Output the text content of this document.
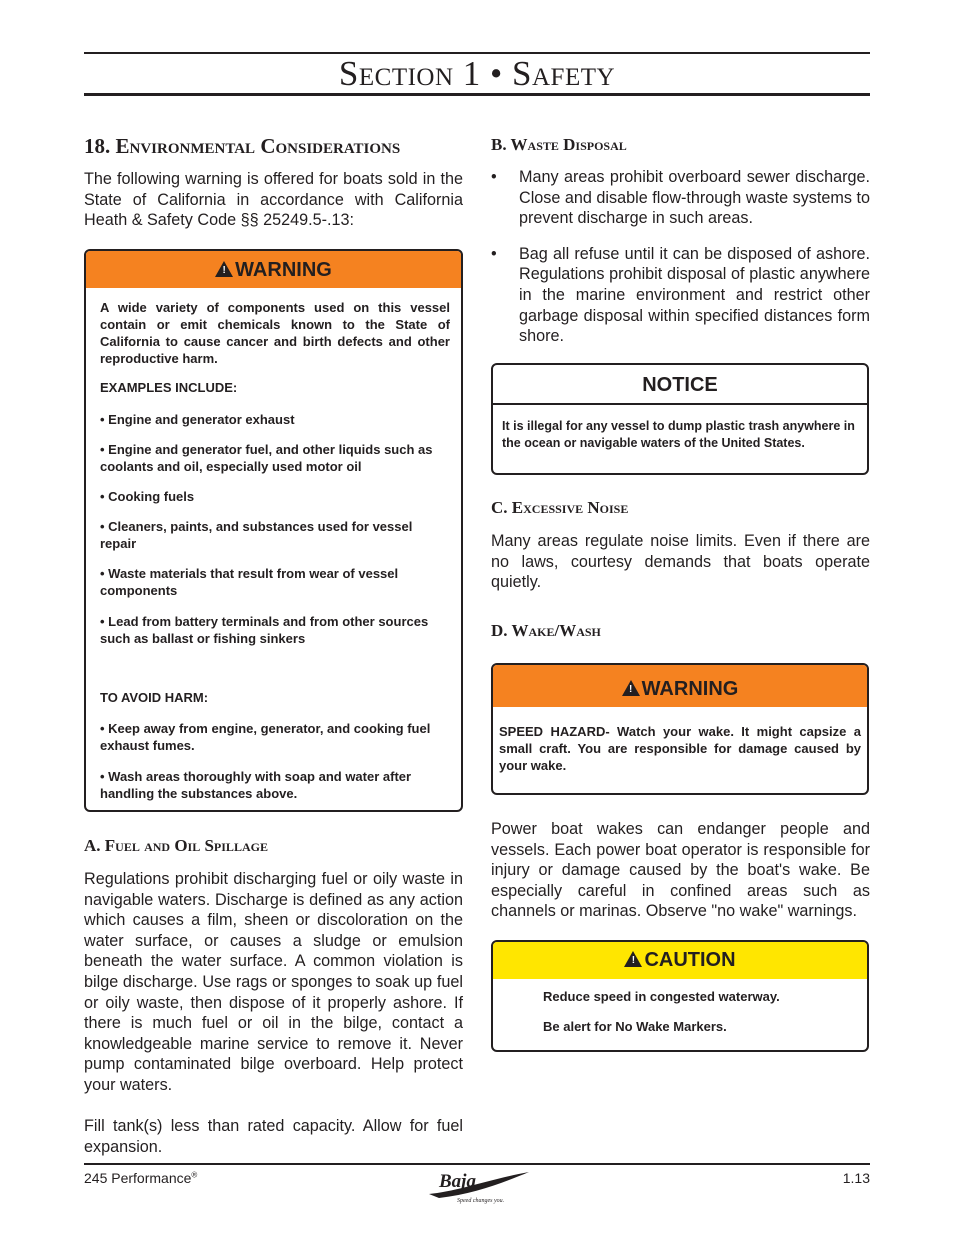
Section 1 • Safety
18. Environmental Considerations

The following warning is offered for boats sold in the State of California in accordance with California Heath & Safety Code §§ 25249.5-.13:

! WARNING

A wide variety of components used on this vessel contain or emit chemicals known to the State of California to cause cancer and birth defects and other reproductive harm.

EXAMPLES INCLUDE:

• Engine and generator exhaust

• Engine and generator fuel, and other liquids such as coolants and oil, especially used motor oil

• Cooking fuels

• Cleaners, paints, and substances used for vessel repair

• Waste materials that result from wear of vessel components

• Lead from battery terminals and from other sources such as ballast or fishing sinkers

TO AVOID HARM:

• Keep away from engine, generator, and cooking fuel exhaust fumes.

• Wash areas thoroughly with soap and water after handling the substances above.

A. Fuel and Oil Spillage

Regulations prohibit discharging fuel or oily waste in navigable waters. Discharge is defined as any action which causes a film, sheen or discoloration on the water surface, or causes a sludge or emulsion beneath the water surface. A common violation is bilge discharge. Use rags or sponges to soak up fuel or oily waste, then dispose of it properly ashore. If there is much fuel or oil in the bilge, contact a knowledgeable marine service to remove it. Never pump contaminated bilge overboard. Help protect your waters.

Fill tank(s) less than rated capacity. Allow for fuel expansion.

B. Waste Disposal
• Many areas prohibit overboard sewer discharge. Close and disable flow-through waste systems to prevent discharge in such areas.
• Bag all refuse until it can be disposed of ashore. Regulations prohibit disposal of plastic anywhere in the marine environment and restrict other garbage disposal within specified distances form shore.
NOTICE

It is illegal for any vessel to dump plastic trash anywhere in the ocean or navigable waters of the United States.

C. Excessive Noise

Many areas regulate noise limits. Even if there are no laws, courtesy demands that boats operate quietly.

D. Wake/Wash
! WARNING

SPEED HAZARD- Watch your wake. It might capsize a small craft. You are responsible for damage caused by your wake.

Power boat wakes can endanger people and vessels. Each power boat operator is responsible for injury or damage caused by the boat's wake. Be especially careful in confined areas such as channels or marinas. Observe "no wake" warnings.

! CAUTION

Reduce speed in congested waterway.

Be alert for No Wake Markers.

245 Performance®	Baja
Speed changes you.
1.13
